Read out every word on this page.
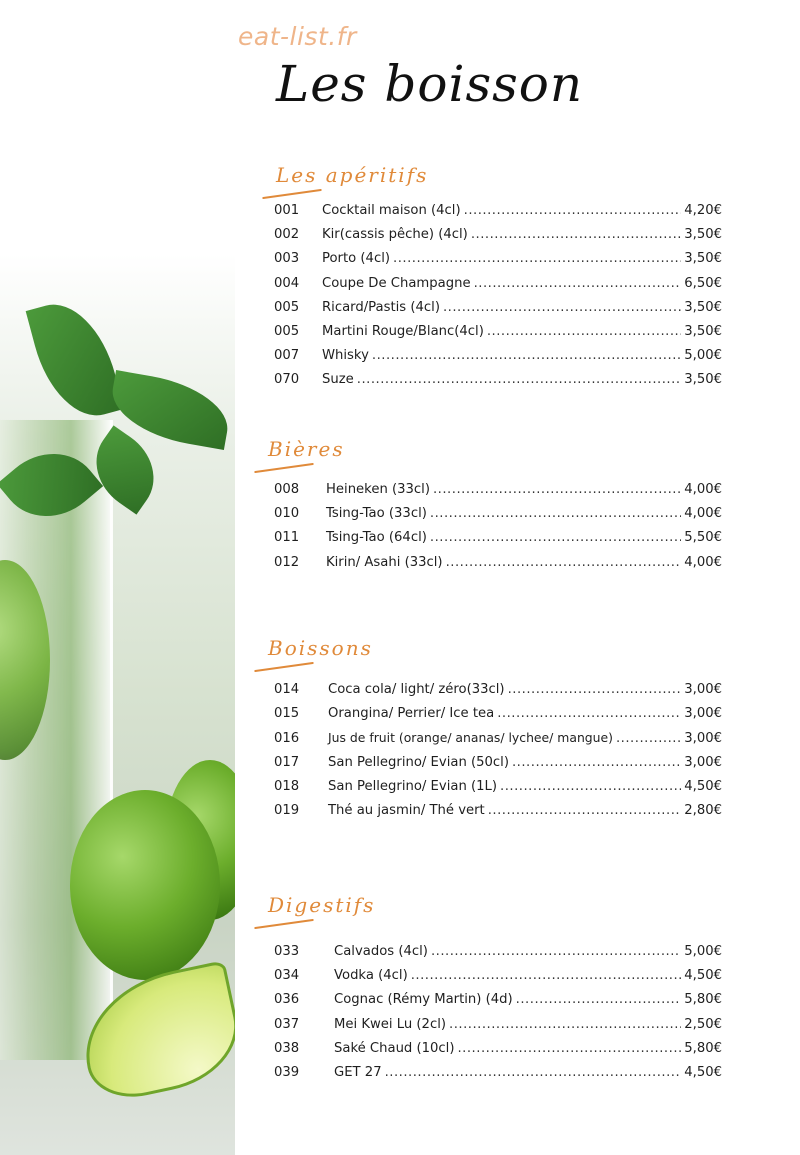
eat-list.fr
Les boisson
Les apéritifs
001	Cocktail maison (4cl) .....	4,20€
002	Kir(cassis pêche) (4cl) .....	3,50€
003	Porto (4cl) .....	3,50€
004	Coupe De Champagne .....	6,50€
005	Ricard/Pastis (4cl) .....	3,50€
005	Martini Rouge/Blanc(4cl) .....	3,50€
007	Whisky .....	5,00€
070	Suze .....	3,50€
Bières
008	Heineken (33cl) .....	4,00€
010	Tsing-Tao (33cl) .....	4,00€
011	Tsing-Tao (64cl) .....	5,50€
012	Kirin/ Asahi (33cl) .....	4,00€
Boissons
014	Coca cola/ light/ zéro(33cl) .....	3,00€
015	Orangina/ Perrier/ Ice tea .....	3,00€
016	Jus de fruit (orange/ ananas/ lychee/ mangue) .....	3,00€
017	San Pellegrino/ Evian (50cl) .....	3,00€
018	San Pellegrino/ Evian (1L) .....	4,50€
019	Thé au jasmin/ Thé vert .....	2,80€
Digestifs
033	Calvados (4cl) .....	5,00€
034	Vodka (4cl) .....	4,50€
036	Cognac (Rémy Martin) (4d) .....	5,80€
037	Mei Kwei Lu (2cl) .....	2,50€
038	Saké Chaud (10cl) .....	5,80€
039	GET 27 .....	4,50€
